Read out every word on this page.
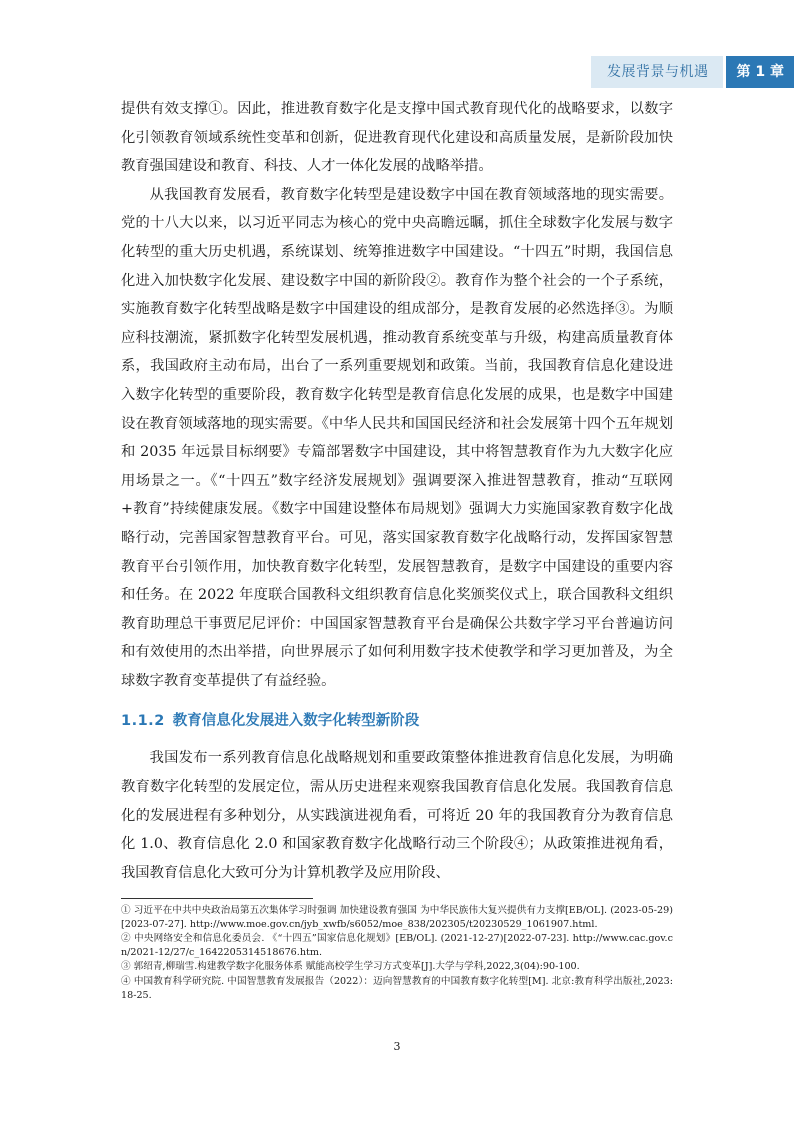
发展背景与机遇	第 1 章

提供有效支撑①。因此，推进教育数字化是支撑中国式教育现代化的战略要求，以数字化引领教育领域系统性变革和创新，促进教育现代化建设和高质量发展，是新阶段加快教育强国建设和教育、科技、人才一体化发展的战略举措。

从我国教育发展看，教育数字化转型是建设数字中国在教育领域落地的现实需要。党的十八大以来，以习近平同志为核心的党中央高瞻远瞩，抓住全球数字化发展与数字化转型的重大历史机遇，系统谋划、统筹推进数字中国建设。“十四五”时期，我国信息化进入加快数字化发展、建设数字中国的新阶段②。教育作为整个社会的一个子系统，实施教育数字化转型战略是数字中国建设的组成部分，是教育发展的必然选择③。为顺应科技潮流，紧抓数字化转型发展机遇，推动教育系统变革与升级，构建高质量教育体系，我国政府主动布局，出台了一系列重要规划和政策。当前，我国教育信息化建设进入数字化转型的重要阶段，教育数字化转型是教育信息化发展的成果，也是数字中国建设在教育领域落地的现实需要。《中华人民共和国国民经济和社会发展第十四个五年规划和 2035 年远景目标纲要》专篇部署数字中国建设，其中将智慧教育作为九大数字化应用场景之一。《“十四五”数字经济发展规划》强调要深入推进智慧教育，推动“互联网+教育”持续健康发展。《数字中国建设整体布局规划》强调大力实施国家教育数字化战略行动，完善国家智慧教育平台。可见，落实国家教育数字化战略行动，发挥国家智慧教育平台引领作用，加快教育数字化转型，发展智慧教育，是数字中国建设的重要内容和任务。在 2022 年度联合国教科文组织教育信息化奖颁奖仪式上，联合国教科文组织教育助理总干事贾尼尼评价：中国国家智慧教育平台是确保公共数字学习平台普遍访问和有效使用的杰出举措，向世界展示了如何利用数字技术使教学和学习更加普及，为全球数字教育变革提供了有益经验。

1.1.2 教育信息化发展进入数字化转型新阶段

我国发布一系列教育信息化战略规划和重要政策整体推进教育信息化发展，为明确教育数字化转型的发展定位，需从历史进程来观察我国教育信息化发展。我国教育信息化的发展进程有多种划分，从实践演进视角看，可将近 20 年的我国教育分为教育信息化 1.0、教育信息化 2.0 和国家教育数字化战略行动三个阶段④；从政策推进视角看，我国教育信息化大致可分为计算机教学及应用阶段、

① 习近平在中共中央政治局第五次集体学习时强调 加快建设教育强国 为中华民族伟大复兴提供有力支撑[EB/OL]. (2023-05-29)[2023-07-27]. http://www.moe.gov.cn/jyb_xwfb/s6052/moe_838/202305/t20230529_1061907.html.

② 中央网络安全和信息化委员会. 《“十四五”国家信息化规划》[EB/OL]. (2021-12-27)[2022-07-23]. http://www.cac.gov.cn/2021-12/27/c_1642205314518676.htm.

③ 郭绍青,柳瑞雪.构建教学数字化服务体系 赋能高校学生学习方式变革[J].大学与学科,2022,3(04):90-100.

④ 中国教育科学研究院. 中国智慧教育发展报告（2022）：迈向智慧教育的中国教育数字化转型[M]. 北京:教育科学出版社,2023:18-25.

3
